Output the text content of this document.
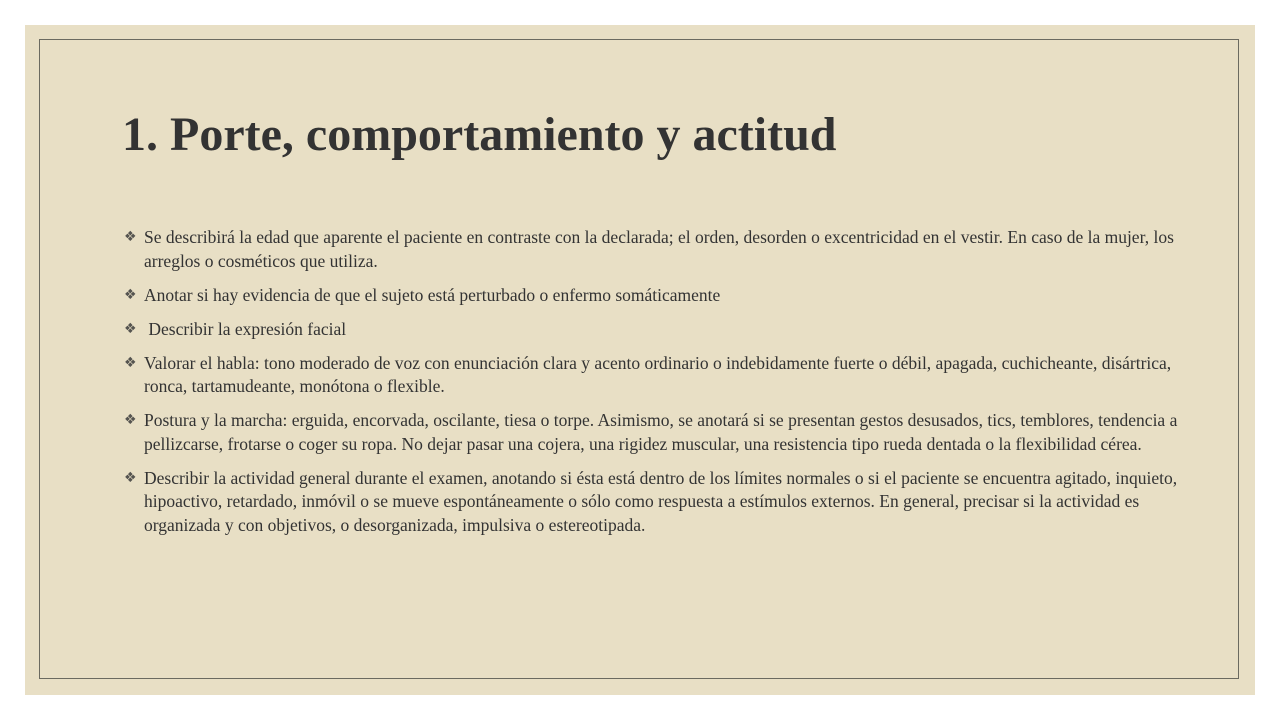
1. Porte, comportamiento y actitud
❖ Se describirá la edad que aparente el paciente en contraste con la declarada; el orden, desorden o excentricidad en el vestir. En caso de la mujer, los arreglos o cosméticos que utiliza.
❖ Anotar si hay evidencia de que el sujeto está perturbado o enfermo somáticamente
❖ Describir la expresión facial
❖ Valorar el habla: tono moderado de voz con enunciación clara y acento ordinario o indebidamente fuerte o débil, apagada, cuchicheante, disártrica, ronca, tartamudeante, monótona o flexible.
❖ Postura y la marcha: erguida, encorvada, oscilante, tiesa o torpe. Asimismo, se anotará si se presentan gestos desusados, tics, temblores, tendencia a pellizcarse, frotarse o coger su ropa. No dejar pasar una cojera, una rigidez muscular, una resistencia tipo rueda dentada o la flexibilidad cérea.
❖ Describir la actividad general durante el examen, anotando si ésta está dentro de los límites normales o si el paciente se encuentra agitado, inquieto, hipoactivo, retardado, inmóvil o se mueve espontáneamente o sólo como respuesta a estímulos externos. En general, precisar si la actividad es organizada y con objetivos, o desorganizada, impulsiva o estereotipada.
